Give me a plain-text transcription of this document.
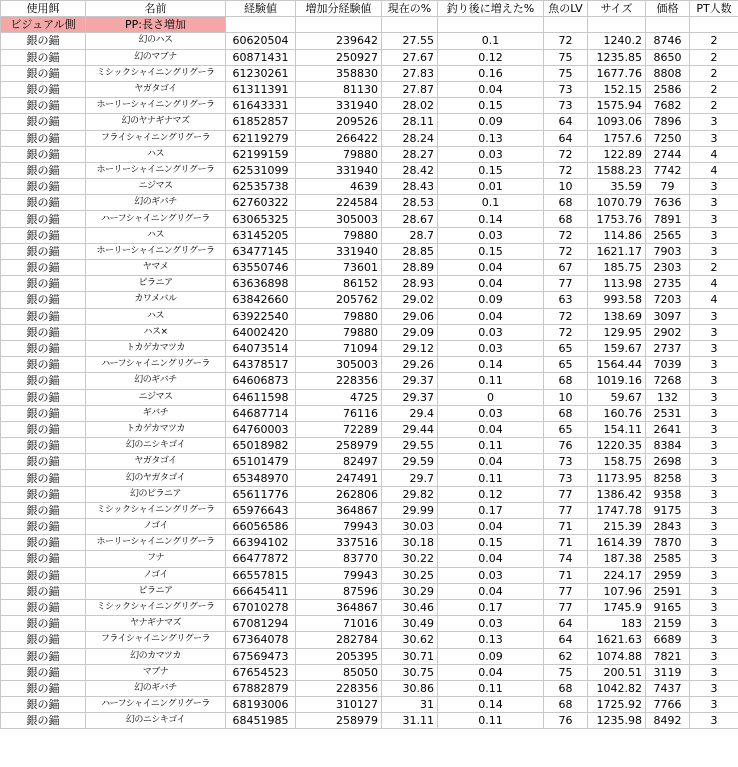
使用餌	名前	経験値	増加分経験値	現在の%	釣り後に増えた%	魚のLV	サイズ	価格	PT人数
ビジュアル側	PP:長さ増加								
銀の錨	幻のハス	60620504	239642	27.55	0.1	72	1240.2	8746	2
銀の錨	幻のマブナ	60871431	250927	27.67	0.12	75	1235.85	8650	2
銀の錨	ミシックシャイニングリグーラ	61230261	358830	27.83	0.16	75	1677.76	8808	2
銀の錨	ヤガタゴイ	61311391	81130	27.87	0.04	73	152.15	2586	2
銀の錨	ホーリーシャイニングリグーラ	61643331	331940	28.02	0.15	73	1575.94	7682	2
銀の錨	幻のヤナギナマズ	61852857	209526	28.11	0.09	64	1093.06	7896	3
銀の錨	フライシャイニングリグーラ	62119279	266422	28.24	0.13	64	1757.6	7250	3
銀の錨	ハス	62199159	79880	28.27	0.03	72	122.89	2744	4
銀の錨	ホーリーシャイニングリグーラ	62531099	331940	28.42	0.15	72	1588.23	7742	4
銀の錨	ニジマス	62535738	4639	28.43	0.01	10	35.59	79	3
銀の錨	幻のギバチ	62760322	224584	28.53	0.1	68	1070.79	7636	3
銀の錨	ハーフシャイニングリグーラ	63065325	305003	28.67	0.14	68	1753.76	7891	3
銀の錨	ハス	63145205	79880	28.7	0.03	72	114.86	2565	3
銀の錨	ホーリーシャイニングリグーラ	63477145	331940	28.85	0.15	72	1621.17	7903	3
銀の錨	ヤマメ	63550746	73601	28.89	0.04	67	185.75	2303	2
銀の錨	ピラニア	63636898	86152	28.93	0.04	77	113.98	2735	4
銀の錨	カワメバル	63842660	205762	29.02	0.09	63	993.58	7203	4
銀の錨	ハス	63922540	79880	29.06	0.04	72	138.69	3097	3
銀の錨	ハス×	64002420	79880	29.09	0.03	72	129.95	2902	3
銀の錨	トカゲカマツカ	64073514	71094	29.12	0.03	65	159.67	2737	3
銀の錨	ハーフシャイニングリグーラ	64378517	305003	29.26	0.14	65	1564.44	7039	3
銀の錨	幻のギバチ	64606873	228356	29.37	0.11	68	1019.16	7268	3
銀の錨	ニジマス	64611598	4725	29.37	0	10	59.67	132	3
銀の錨	ギバチ	64687714	76116	29.4	0.03	68	160.76	2531	3
銀の錨	トカゲカマツカ	64760003	72289	29.44	0.04	65	154.11	2641	3
銀の錨	幻のニシキゴイ	65018982	258979	29.55	0.11	76	1220.35	8384	3
銀の錨	ヤガタゴイ	65101479	82497	29.59	0.04	73	158.75	2698	3
銀の錨	幻のヤガタゴイ	65348970	247491	29.7	0.11	73	1173.95	8258	3
銀の錨	幻のピラニア	65611776	262806	29.82	0.12	77	1386.42	9358	3
銀の錨	ミシックシャイニングリグーラ	65976643	364867	29.99	0.17	77	1747.78	9175	3
銀の錨	ノゴイ	66056586	79943	30.03	0.04	71	215.39	2843	3
銀の錨	ホーリーシャイニングリグーラ	66394102	337516	30.18	0.15	71	1614.39	7870	3
銀の錨	フナ	66477872	83770	30.22	0.04	74	187.38	2585	3
銀の錨	ノゴイ	66557815	79943	30.25	0.03	71	224.17	2959	3
銀の錨	ピラニア	66645411	87596	30.29	0.04	77	107.96	2591	3
銀の錨	ミシックシャイニングリグーラ	67010278	364867	30.46	0.17	77	1745.9	9165	3
銀の錨	ヤナギナマズ	67081294	71016	30.49	0.03	64	183	2159	3
銀の錨	フライシャイニングリグーラ	67364078	282784	30.62	0.13	64	1621.63	6689	3
銀の錨	幻のカマツカ	67569473	205395	30.71	0.09	62	1074.88	7821	3
銀の錨	マブナ	67654523	85050	30.75	0.04	75	200.51	3119	3
銀の錨	幻のギバチ	67882879	228356	30.86	0.11	68	1042.82	7437	3
銀の錨	ハーフシャイニングリグーラ	68193006	310127	31	0.14	68	1725.92	7766	3
銀の錨	幻のニシキゴイ	68451985	258979	31.11	0.11	76	1235.98	8492	3
